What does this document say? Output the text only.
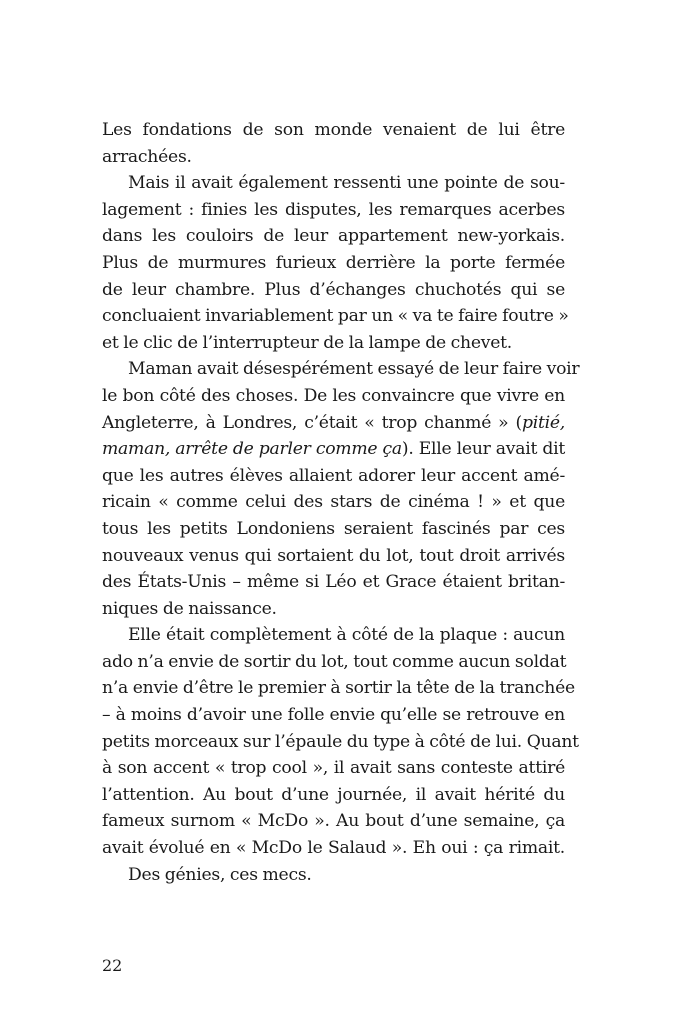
Les fondations de son monde venaient de lui être
arrachées.
Mais il avait également ressenti une pointe de sou-
lagement : finies les disputes, les remarques acerbes
dans les couloirs de leur appartement new-yorkais.
Plus de murmures furieux derrière la porte fermée
de leur chambre. Plus d’échanges chuchotés qui se
concluaient invariablement par un « va te faire foutre »
et le clic de l’interrupteur de la lampe de chevet.
Maman avait désespérément essayé de leur faire voir
le bon côté des choses. De les convaincre que vivre en
Angleterre, à Londres, c’était « trop chanmé » (pitié,
maman, arrête de parler comme ça). Elle leur avait dit
que les autres élèves allaient adorer leur accent amé-
ricain « comme celui des stars de cinéma ! » et que
tous les petits Londoniens seraient fascinés par ces
nouveaux venus qui sortaient du lot, tout droit arrivés
des États-Unis – même si Léo et Grace étaient britan-
niques de naissance.
Elle était complètement à côté de la plaque : aucun
ado n’a envie de sortir du lot, tout comme aucun soldat
n’a envie d’être le premier à sortir la tête de la tranchée
– à moins d’avoir une folle envie qu’elle se retrouve en
petits morceaux sur l’épaule du type à côté de lui. Quant
à son accent « trop cool », il avait sans conteste attiré
l’attention. Au bout d’une journée, il avait hérité du
fameux surnom « McDo ». Au bout d’une semaine, ça
avait évolué en « McDo le Salaud ». Eh oui : ça rimait.
Des génies, ces mecs.
22
